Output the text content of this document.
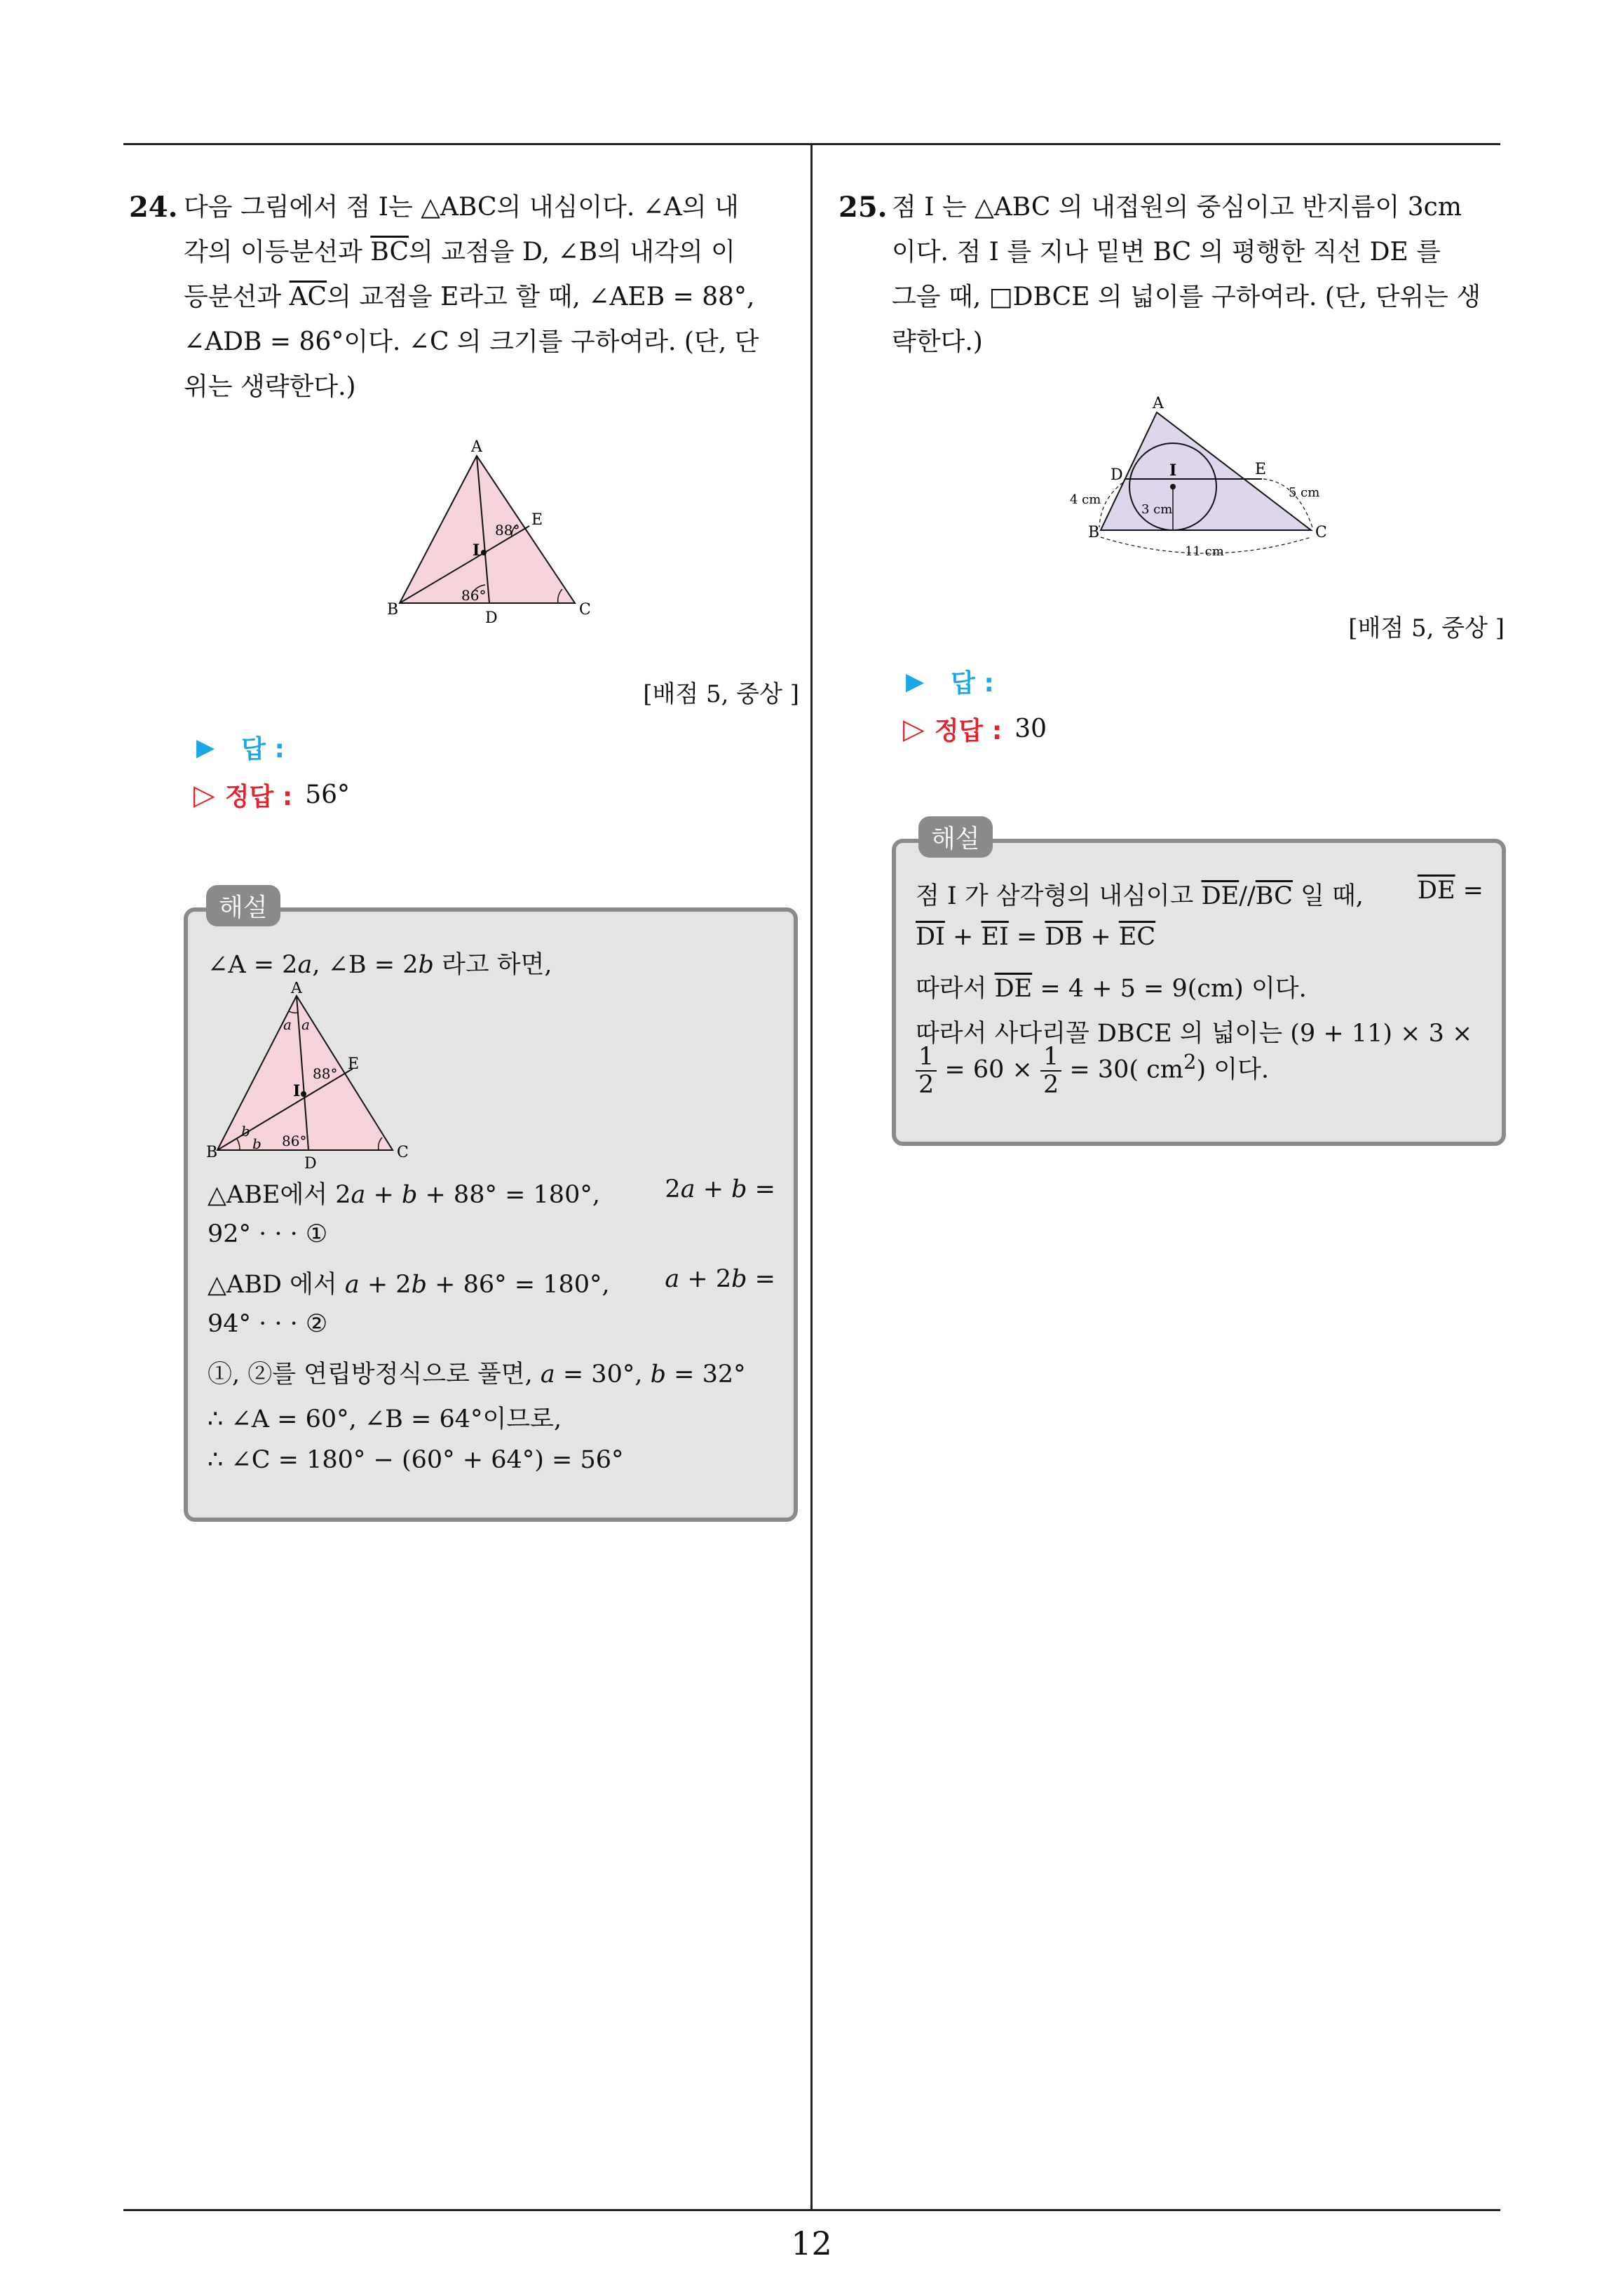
24. 다음 그림에서 점 I는 △ABC의 내심이다. ∠A의 내

각의 이등분선과 $\overline{BC}$의 교점을 D, ∠B의 내각의 이

등분선과 $\overline{AC}$의 교점을 E라고 할 때, ∠AEB = 88°,

∠ADB = 86°이다. ∠C 의 크기를 구하여라. (단, 단

위는 생략한다.)

A
B	C
D
E
I
88°
86°
[배점 5, 중상 ]
▶ 답 :
▷ 정답 : 56°
해설
∠A = 2a, ∠B = 2b 라고 하면,
A
B	C
D
E
I
a a
b
b
88°
86°
△ABE에서 2a + b + 88° = 180°,	2a + b =
92° · · · ①
△ABD 에서 a + 2b + 86° = 180°, a + 2b =
94° · · · ②
①, ②를 연립방정식으로 풀면, a = 30°, b = 32°
∴ ∠A = 60°, ∠B = 64°이므로,
∴ ∠C = 180° − (60° + 64°) = 56°
25. 점 I 는 △ABC 의 내접원의 중심이고 반지름이 3cm

이다. 점 I 를 지나 밑변 BC 의 평행한 직선 DE 를

그을 때, □DBCE 의 넓이를 구하여라. (단, 단위는 생

략한다.)

A
B	C
D	E
I
3 cm
4 cm	5 cm
11 cm
[배점 5, 중상 ]
▶ 답 :
▷ 정답 : 30
해설
점 I 가 삼각형의 내심이고 $\overline{DE}//\overline{BC}$ 일 때, $\overline{DE}$ =
$\overline{DI} + \overline{EI} = \overline{DB} + \overline{EC}$
따라서 $\overline{DE} = 4 + 5 = 9(cm)$ 이다.
따라서 사다리꼴 DBCE 의 넓이는 (9 + 11) × 3 ×
$\frac{1}{2} = 60 \times \frac{1}{2} = 30$( $cm^2$) 이다.
12
